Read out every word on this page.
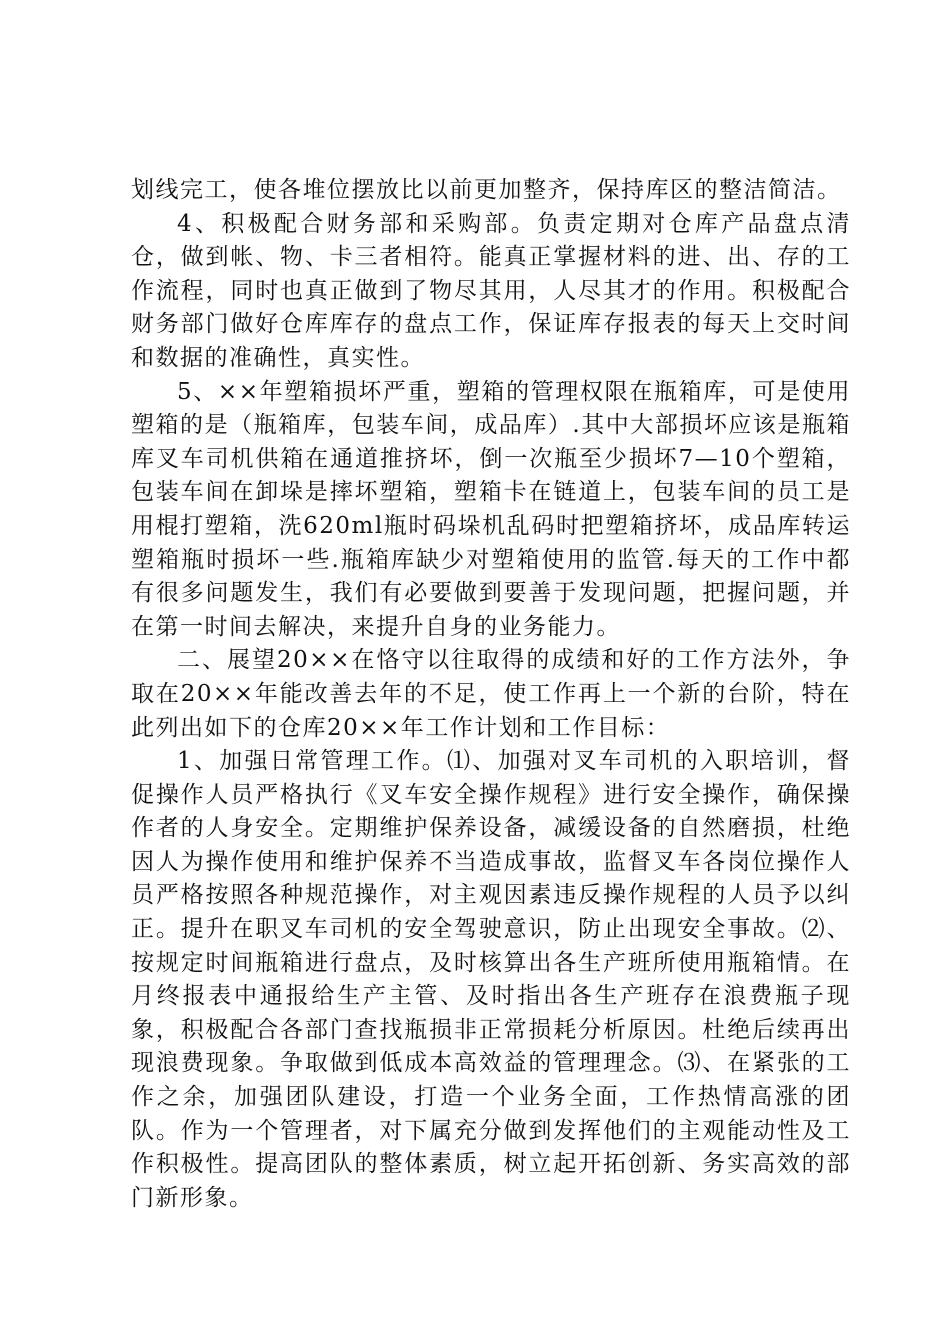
划线完工，使各堆位摆放比以前更加整齐，保持库区的整洁简洁。

4、积极配合财务部和采购部。负责定期对仓库产品盘点清仓，做到帐、物、卡三者相符。能真正掌握材料的进、出、存的工作流程，同时也真正做到了物尽其用，人尽其才的作用。积极配合财务部门做好仓库库存的盘点工作，保证库存报表的每天上交时间和数据的准确性，真实性。

5、××年塑箱损坏严重，塑箱的管理权限在瓶箱库，可是使用塑箱的是（瓶箱库，包装车间，成品库）.其中大部损坏应该是瓶箱库叉车司机供箱在通道推挤坏，倒一次瓶至少损坏7—10个塑箱，包装车间在卸垛是摔坏塑箱，塑箱卡在链道上，包装车间的员工是用棍打塑箱，洗620ml瓶时码垛机乱码时把塑箱挤坏，成品库转运塑箱瓶时损坏一些.瓶箱库缺少对塑箱使用的监管.每天的工作中都有很多问题发生，我们有必要做到要善于发现问题，把握问题，并在第一时间去解决，来提升自身的业务能力。

二、展望20××在恪守以往取得的成绩和好的工作方法外，争取在20××年能改善去年的不足，使工作再上一个新的台阶，特在此列出如下的仓库20××年工作计划和工作目标：

1、加强日常管理工作。⑴、加强对叉车司机的入职培训，督促操作人员严格执行《叉车安全操作规程》进行安全操作，确保操作者的人身安全。定期维护保养设备，减缓设备的自然磨损，杜绝因人为操作使用和维护保养不当造成事故，监督叉车各岗位操作人员严格按照各种规范操作，对主观因素违反操作规程的人员予以纠正。提升在职叉车司机的安全驾驶意识，防止出现安全事故。⑵、按规定时间瓶箱进行盘点，及时核算出各生产班所使用瓶箱情。在月终报表中通报给生产主管、及时指出各生产班存在浪费瓶子现象，积极配合各部门查找瓶损非正常损耗分析原因。杜绝后续再出现浪费现象。争取做到低成本高效益的管理理念。⑶、在紧张的工作之余，加强团队建设，打造一个业务全面，工作热情高涨的团队。作为一个管理者，对下属充分做到发挥他们的主观能动性及工作积极性。提高团队的整体素质，树立起开拓创新、务实高效的部门新形象。
